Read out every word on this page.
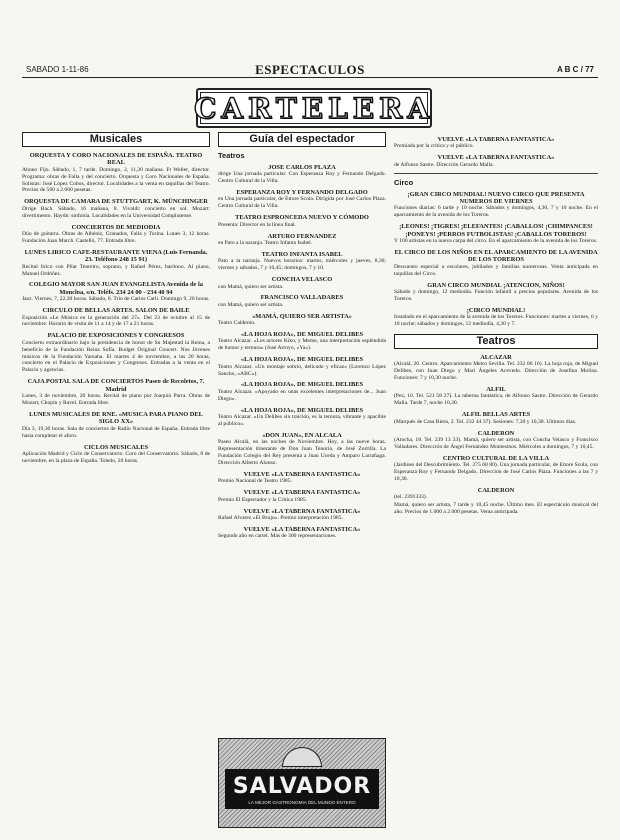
SABADO 1-11-86	ESPECTACULOS	A B C / 77
CARTELERA
Musicales
ORQUESTA Y CORO NACIONALES DE ESPAÑA. TEATRO REAL
Abono Fijo. Sábado, 1, 7 tarde. Domingo, 2, 11,30 mañana. Ft Weller, director. Programa: obras de Falla y del concierto. Orquesta y Coro Nacionales de España. Solistas: José López Cobos, director. Localidades a la venta en taquillas del Teatro. Precios de 500 a 2.000 pesetas.
ORQUESTA DE CAMARA DE STUTTGART, K. MÜNCHINGER
Dirige Bach. Sábado, 16 mañana, 8. Vivaldi: concierto en sol. Mozart: divertimento. Haydn: sinfonía. Localidades en la Universidad Complutense.
CONCIERTOS DE MEDIODIA
Dúo de guitarra. Obras de Albéniz, Granados, Falla y Turina. Lunes 3, 12 horas. Fundación Juan March. Castelló, 77. Entrada libre.
LUNES LIRICO CAFE-RESTAURANTE VIENA (Luis Fernanda, 23. Teléfono 248 15 91)
Recital lírico con Pilar Tenreiro, soprano, y Rafael Pérez, barítono. Al piano, Manuel Ordóñez.
COLEGIO MAYOR SAN JUAN EVANGELISTA Avenida de la Moncloa, s/n. Teléfs. 234 24 00 - 234 40 94
Jazz. Viernes, 7, 22,30 horas. Sábado, 8. Trío de Carlos Carli. Domingo 9, 20 horas.
CIRCULO DE BELLAS ARTES. SALON DE BAILE
Exposición «Le Música en la generación del 27». Del 23 de octubre al 15 de noviembre. Horario de visita de 11 a 14 y de 17 a 21 horas.
PALACIO DE EXPOSICIONES Y CONGRESOS
Concierto extraordinario bajo la presidencia de honor de Su Majestad la Reina, a beneficio de la Fundación Reina Sofía. Budget Original Concert. Nos Jóvenes músicos de la Fundación Yamaha. El martes 4 de noviembre, a las 20 horas, concierto en el Palacio de Exposiciones y Congresos. Entradas a la venta en el Palacio y agencias.
CAJA POSTAL SALA DE CONCIERTOS Paseo de Recoletos, 7. Madrid
Lunes, 3 de noviembre, 20 horas. Recital de piano por Joaquín Parra. Obras de Mozart, Chopin y Ravel. Entrada libre.
LUNES MUSICALES DE RNE. «MUSICA PARA PIANO DEL SIGLO XX»
Día 3, 19,30 horas. Sala de conciertos de Radio Nacional de España. Entrada libre hasta completar el aforo.
CICLOS MUSICALES
Aplicación Madrid y Ciclo de Conservatorio. Coro del Conservatorio. Sábado, 8 de noviembre, en la plaza de España. Toledo, 20 horas.
Guía del espectador
Teatros
JOSE CARLOS PLAZA
dirige Una jornada particular. Con Esperanza Roy y Fernando Delgado. Centro Cultural de la Villa.
ESPERANZA ROY Y FERNANDO DELGADO
en Una jornada particular, de Ettore Scola. Dirigida por José Carlos Plaza. Centro Cultural de la Villa.
TEATRO ESPRONCEDA NUEVO Y CÓMODO
Presenta: Director en la línea final.
ARTURO FERNANDEZ
en Pato a la naranja. Teatro Infanta Isabel.
TEATRO INFANTA ISABEL
Pato a la naranja. Nuevos horarios: martes, miércoles y jueves, 8,30; viernes y sábados, 7 y 10,45; domingos, 7 y 10.
CONCHA VELASCO
con Mamá, quiero ser artista.
FRANCISCO VALLADARES
con Mamá, quiero ser artista.
«MAMÁ, QUIERO SER ARTISTA»
Teatro Calderón.
«LA HOJA ROJA», DE MIGUEL DELIBES
Teatro Alcazar. «Los actores Kiko, y Meme, una interpretación espléndida de humor y ternura» (José Arroyo, «Ya»).
«LA HOJA ROJA», DE MIGUEL DELIBES
Teatro Alcazar. «Un montaje sobrio, delicado y eficaz» (Lorenzo López Sancho, «ABC»).
«LA HOJA ROJA», DE MIGUEL DELIBES
Teatro Alcazar. «Apoyado en unas excelentes interpretaciones de... Juan Diego».
«LA HOJA ROJA», DE MIGUEL DELIBES
Teatro Alcazar. «Un Delibes sin traición, es la ternura, vibrante y apacible al público».
«DON JUAN», EN ALCALA
Paseo Alcalá, en las noches de Noviembre. Hoy, a las nueve horas. Representación itinerante de Don Juan Tenorio, de José Zorrilla. La Fundación Colegio del Rey presenta a Juan Uceda y Amparo Larrañaga. Dirección Alberto Alonso.
VUELVE «LA TABERNA FANTASTICA»
Premio Nacional de Teatro 1985.
VUELVE «LA TABERNA FANTASTICA»
Premio El Espectador y la Crítica 1985.
VUELVE «LA TABERNA FANTASTICA»
Rafael Alvarez «El Brujo». Premio interpretación 1985.
VUELVE «LA TABERNA FANTASTICA»
Segundo año en cartel. Más de 300 representaciones.
VUELVE «LA TABERNA FANTASTICA»
Premiada por la crítica y el público.
VUELVE «LA TABERNA FANTASTICA»
de Alfonso Sastre. Dirección Gerardo Malla.
Circo
¡GRAN CIRCO MUNDIAL! NUEVO CIRCO QUE PRESENTA NUMEROS DE VIERNES
Funciones diarias: 6 tarde y 10 noche. Sábados y domingos, 4,30, 7 y 10 noche. En el aparcamiento de la avenida de los Toreros.
¡LEONES! ¡TIGRES! ¡ELEFANTES! ¡CABALLOS! ¡CHIMPANCES! ¡PONEYS! ¡PERROS FUTBOLISTAS! ¡CABALLOS TOREROS!
Y 100 artistas en la nueva carpa del circo. En el aparcamiento de la avenida de los Toreros.
EL CIRCO DE LOS NIÑOS EN EL APARCAMIENTO DE LA AVENIDA DE LOS TOREROS
Descuento especial a escolares, jubilados y familias numerosas. Venta anticipada en taquillas del Circo.
GRAN CIRCO MUNDIAL ¡ATENCION, NIÑOS!
Sábado y domingo, 12 mediodía. Función infantil a precios populares. Avenida de los Toreros.
¡CIRCO MUNDIAL!
Instalado en el aparcamiento de la avenida de los Toreros. Funciones: martes a viernes, 6 y 10 noche; sábados y domingos, 12 mediodía, 4,30 y 7.
Teatros
ALCAZAR
(Alcalá, 20. Centro. Aparcamiento Metro Sevilla. Tel. 232 06 16). La hoja roja, de Miguel Delibes, con Juan Diego y Mari Ángeles Acevedo. Dirección de Josefina Molina. Funciones: 7 y 10,30 noche.
ALFIL
(Pez, 10. Tel. 521 58 27). La taberna fantástica, de Alfonso Sastre. Dirección de Gerardo Malla. Tarde 7, noche 10,30.
ALFIL BELLAS ARTES
(Marqués de Casa Riera, 2. Tel. 232 44 37). Sesiones: 7,30 y 10,30. Ultimos días.
CALDERON
(Atocha, 18. Tel. 239 13 33). Mamá, quiero ser artista, con Concha Velasco y Francisco Valladares. Dirección de Ángel Fernández Montesinos. Miércoles a domingos, 7 y 10,45.
CENTRO CULTURAL DE LA VILLA
(Jardines del Descubrimiento. Tel. 275 60 80). Una jornada particular, de Ettore Scola, con Esperanza Roy y Fernando Delgado. Dirección de José Carlos Plaza. Funciones a las 7 y 10,30.
CALDERON
(tel. 2391333).
Mamá, quiero ser artista, 7 tarde y 10,45 noche. Último mes. El espectáculo musical del año. Precios de 1.000 a 2.000 pesetas. Venta anticipada.
SALVADOR
LA MEJOR GASTRONOMIA DEL MUNDO ENTERO
